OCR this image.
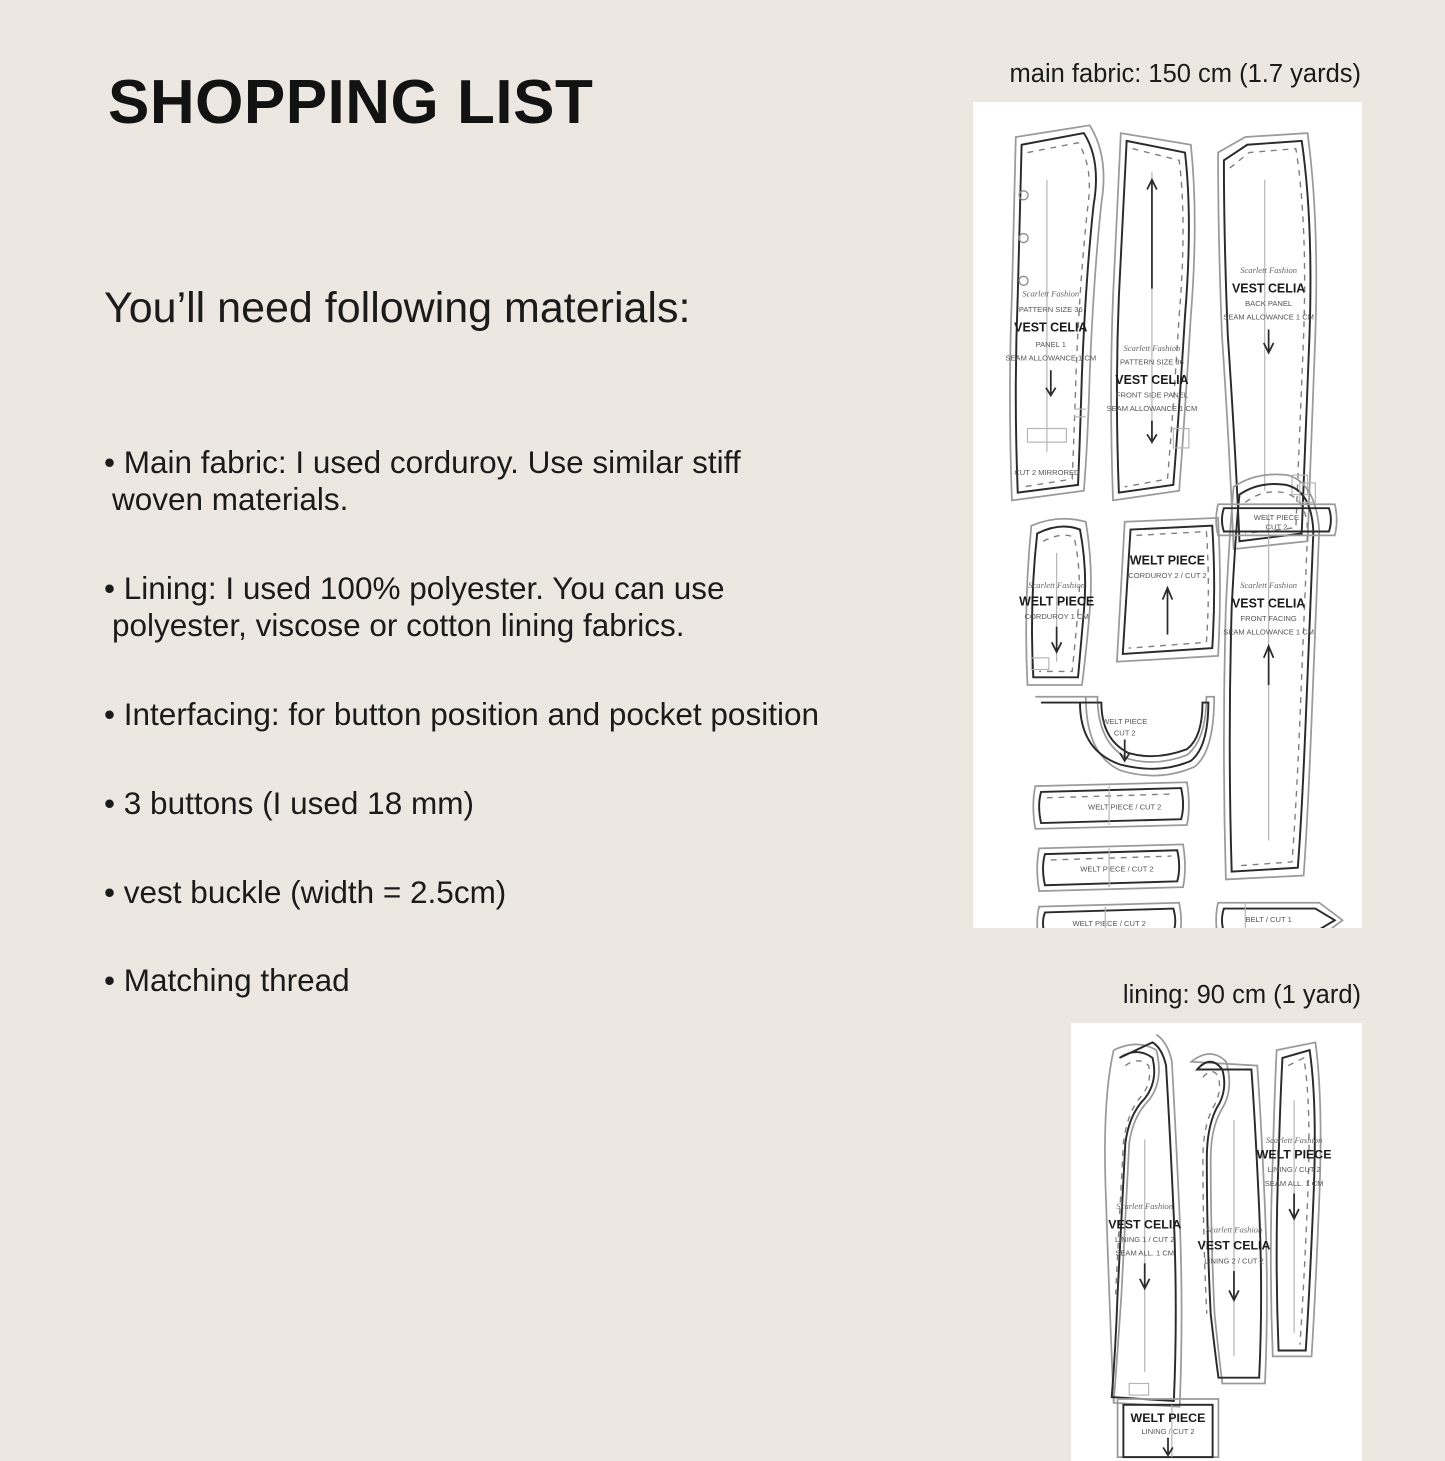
SHOPPING LIST
You’ll need following materials:
• Main fabric: I used corduroy. Use similar stiff woven materials.
• Lining: I used 100% polyester. You can use polyester, viscose or cotton lining fabrics.
• Interfacing: for button position and pocket position
• 3 buttons (I used 18 mm)
• vest buckle (width = 2.5cm)
• Matching thread
main fabric: 150 cm (1.7 yards)
Scarlett Fashion
PATTERN SIZE 36
VEST CELIA
PANEL 1
SEAM ALLOWANCE 1 CM
CUT 2 MIRRORED
Scarlett Fashion
PATTERN SIZE 36
VEST CELIA
FRONT SIDE PANEL
SEAM ALLOWANCE 1 CM
Scarlett Fashion
VEST CELIA
BACK PANEL
SEAM ALLOWANCE 1 CM
Scarlett Fashion
WELT PIECE
CORDUROY 1 CM
WELT PIECE
CORDUROY 2 / CUT 2
Scarlett Fashion
VEST CELIA
FRONT FACING
SEAM ALLOWANCE 1 CM
WELT PIECE
CUT 2
WELT PIECE / CUT 2
WELT PIECE / CUT 2
WELT PIECE / CUT 2
WELT PIECE
CUT 2
BELT / CUT 1
lining: 90 cm (1 yard)
Scarlett Fashion
VEST CELIA
LINING 1 / CUT 2
SEAM ALL. 1 CM
Scarlett Fashion
VEST CELIA
LINING 2 / CUT 2
Scarlett Fashion
WELT PIECE
LINING / CUT 2
SEAM ALL. 1 CM
WELT PIECE
LINING / CUT 2
